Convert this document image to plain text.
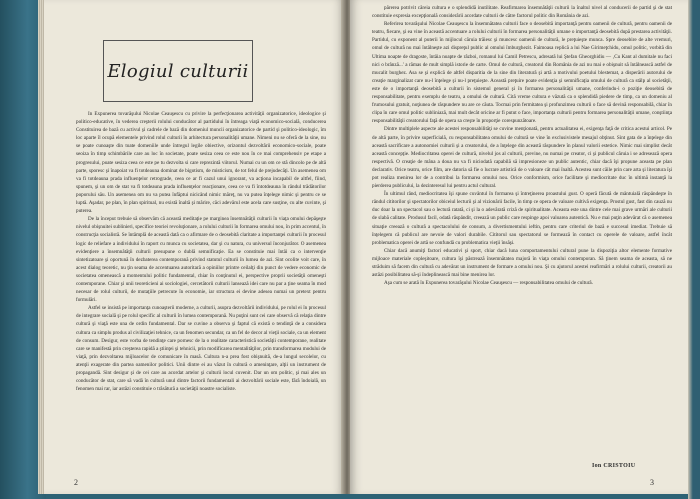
Elogiul culturii

In Expunerea tovarăşului Nicolae Ceauşescu cu privire la perfecţionarea activităţii organizatorice, ideologice şi politico-educative, în vederea creşterii rolului conducător al partidului în întreaga viaţă economico-socială, conducerea Constituirea de bază cu activul şi cadrele de bază din domeniul muncii organizatorice de partid şi politico-ideologic, îm loc aparte îl ocupă elementele privind rolul culturii în arhitectura personalităţii umane. Nimeni nu se oferă de la sine, nu se poate cunoaşte din toate domeniile unde întregul legile obiective, orizontul dezvoltării economico-sociale, poate seoiza în timp schimbările care au loc în societate, poate sesiza ceea ce este nou în ce mai comprehensiv pe etape a progresului, poate sesiza ceea ce este pe tu dezvolta si care reprezintă viitorul. Numai cu un om ce stă dincolo pe de altă parte, sporesc şi înapoiat va fi totdeauna dominat de bigotism, de misticism, de tot felul de prejudecăţi. Un asemenea om va fi totdeauna prada influenţelor retrograde, ceea ce ar fi cazul unui ignorant, va acţiona incapabil de altfel, fiind, spunem, şi un om de stat va fi totdeauna prada influenţelor reacţionare, ceea ce va fi întotdeauna în rândul trădătorilor poporului său. Un asemenea om nu va putea înfăptui nicicând nimic măreţ, nu va putea înţelege nimic şi pentru ce se luptă. Aşadar, pe plan, în plan spiritual, nu există înaltă şi mărire, căci adevărul este acela care susţine, cu alte cuvinte, şi puterea.

De la început trebuie să observăm că această meditaţie pe marginea însemnătăţii culturii în viaţa omului depăşeşte nivelul obişnuitei sublinieri, specifice teoriei revoluţionare, a rolului culturii în formarea omului nou, în prim accentul, în construcţia socialistă. Se întâmplă de această dată ca o afirmare de o deosebită claritate a importanţei culturii în procesul logic de reliefare a individului în raport cu munca cu societatea, dar şi cu natura, cu universul înconjurător. O asemenea evidenţiere a însemnătăţii culturii presupune o dublă semnificaţie. Ea se constituie mai întâi ca o intervenţie sintetizatoare şi oportună în dezbaterea contemporană privind statutul culturii în lumea de azi. Sint ocolite voit care, în acest dialog teoretic, nu ţin seama de accentuarea autoritară a opiniilor printre ceilalţi din punct de vedere economic de societatea omenească a momentului politic fundamental, chiar în conţinutul ei, perspective proprii societăţii omeneşti contemporane. Chiar şi unii teoreticieni ai sociologiei, cercetătorii culturii lansează idei care nu par a ţine seama în mod necesar de rolul culturii, de mutaţiile petrecute în economie, iar structura ei devine adesea numai un pretext pentru formulări.

Astfel se insistă pe importanţa cunoaşterii moderne, a culturii, asupra dezvoltării individului, pe rolul ei în procesul de integrare socială şi pe rolul specific al culturii în lumea contemporană. Nu puţini sunt cei care observă că relaţia dintre cultură şi viaţă este una de ordin fundamental. Dar se cuvine a observa şi faptul că există o tendinţă de a considera cultura ca simplu produs al civilizaţiei tehnice, ca un fenomen secundar, ca un fel de decor al vieţii sociale, ca un element de consum. Desigur, este vorba de tendinţe care pornesc de la o realitate caracteristică societăţii contemporane, realitate care se manifestă prin creşterea rapidă a ştiinţei şi tehnicii, prin modificarea mentalităţilor, prin transformarea modului de viaţă, prin dezvoltarea mijloacelor de comunicare în masă. Cultura n-a prea fost obişnuită, de-a lungul secolelor, cu atenţii exagerate din partea oamenilor politici. Unii dintre ei au văzut în cultură o ameninţare, alţii un instrument de propagandă. Sint desigur şi de cei care au acordat artelor şi culturii locul cuvenit. Dar un om politic, şi mai ales un conducător de stat, care să vadă în cultură unul dintre factorii fundamentali ai dezvoltării sociale este, fără îndoială, un fenomen mai rar, iar astăzi constituie o trăsătură a societăţii noastre socialiste.

părerea potrivit căreia cultura e o splendidă inutilitate. Reafirmarea însemnătăţii culturii la înaltul nivel al conducerii de partid şi de stat constituie expresia excepţională considerării acordate culturii de către factorul politic din România de azi.

Referirea tovarăşului Nicolae Ceauşescu la însemnătatea culturii face o deosebită importanţă pentru oamenii de cultură, pentru oamenii de teatru, fiecare, şi ea vine în această accentuare a rolului culturii în formarea personalităţii umane o importanţă deosebită după prestarea activităţii. Partidul, cu exponent al puterii în mijlocul căruia trăiesc şi muncesc oamenii de cultură, le preţuieşte munca. Spre deosebire de alte vremuri, omul de cultură nu mai întâlneşte azi dispreţul public al omului îmburghezit. Faimoasa replică a lui Nae Girimeţchidu, omul politic, vorbită din Ultima noapte de dragoste, întâia noapte de război, romanul lui Camil Petrescu, adresată lui Ştefan Gheorghidiu — ‚Cu Kant al dumitale nu faci nici o brânză...' a rămas de mult simplă istorie de carte. Omul de cultură, creatorul din România de azi nu mai e obişnuit să întâlnească astfel de mucalit burghez. Asa se şi explică de altfel disparitia de la sine din literatură şi artă a motivului poetului blestemat, a disperării autorului de creaţie marginalizat care nu-l înţelege şi nu-l preţuieşte. Această preţuire poate evidenţia şi semnificaţia omului de cultură ca stâlp al societăţii, este de o importanţă deosebită a culturii în sistemul general şi în formarea personalităţii umane, conferindu-i o poziţie deosebită de responsabilitate, pentru exemplu de teatru, a omului de cultură. Cită vreme cultura e văzută ca o splendidă piedere de timp, ca un domeniu al frumosului gratuit, noţiunea de răspundere nu are ce căuta. Tocmai prin fermitatea şi profunzimea culturii o face să devină responsabilă, chiar în clipa în care omul politic subliniază, mai mult decât oricine ar fi putut o face, importanţa culturii pentru formarea personalităţii umane, conştiinţa responsabilităţii creatorului faţă de opera sa creşte în proporţie corespunzătoare.

Dintre multiplele aspecte ale acestei responsabilităţi se cuvine menţionată, pentru actualitatea ei, exigenţa faţă de critica acestui articol. Pe de altă parte, în privire superficială, cu responsabilitatea omului de cultură se vine în exclusivistele mesajul obţinut. Sint gata de a înţelege din această sacrificare a autonomiei culturii şi a creatorului, de a înţelege din această răspundere în planul valorii estetice. Nimic mai simplist decât această concepţie. Mediocritatea operei de cultură, nivelul jos al culturii, previne, nu numai pe creator, ci şi publicul căruia i se adresează opera respectivă. O creaţie de mâna a doua nu va fi niciodată capabilă să impresioneze un public autentic, chiar dacă îşi propune aceasta pe plan declarativ. Orice teatru, orice film, are datoria să fie o lucrare artistică de o valoare cât mai înaltă. Acestea sunt căile prin care arta şi literatura îşi pot realiza menirea lor de a contribui la formarea omului nou. Orice conformism, orice facilitate şi mediocritate duc în ultimă instanţă la pierderea publicului, la dezinteresul lui pentru actul cultural.

În ultimul rând, mediocritatea îşi spune cuvântul în formarea şi întreţinerea proastului gust. O operă făcută de mântuială răspândeşte în rândul cititorilor şi spectatorilor obiceiul lecturii şi al vizionării facile, în timp ce opera de valoare cultivă exigenţa. Prostul gust, fast din cauză nu duc doar la un spectacol sau o lectură ratată, ci şi la o adevărată criză de spiritualitate. Aceasta este una dintre cele mai grave urmări ale culturii de slabă calitate. Produsul facil, odată răspândit, creează un public care respinge apoi valoarea autentică. Nu e mai puţin adevărat că o asemenea situaţie creează o cultură a spectacolului de consum, a divertismentului ieftin, pentru care criteriul de bază e succesul imediat. Trebuie să înţelegem că publicul are nevoie de valori durabile. Cititorul sau spectatorul se formează în contact cu operele de valoare, astfel încât problematica operei de artă se confundă cu problematica vieţii însăşi.

Chiar dacă anumiţi factori educativi şi sport, chiar dacă luna comportamentului cultural pune la dispoziţia altor elemente formative mijloace materiale copleşitoare, cultura îşi păstrează însemnătatea majoră în viaţa omului contemporan. Să ţinem seama de aceasta, să ne străduim să facem din cultură cu adevărat un instrument de formare a omului nou. Şi cu ajutorul acestei reafirmări a rolului culturii, creatorii au astăzi posibilitatea să-şi îndeplinească mai bine menirea lor.

Aşa cum se arată în Expunerea tovarăşului Nicolae Ceauşescu — responsabilitatea omului de cultură.

Ion CRISTOIU
2	3
